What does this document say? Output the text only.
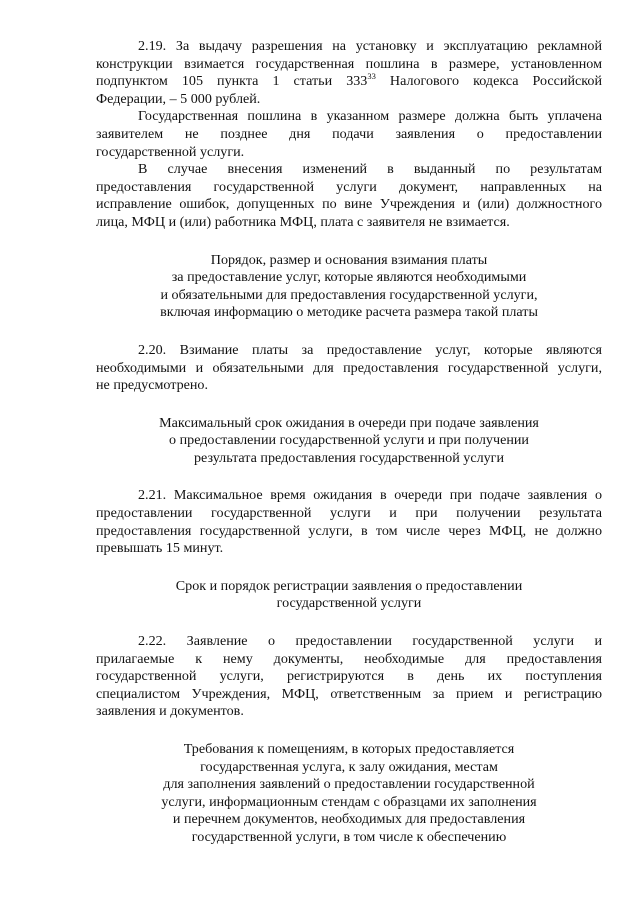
2.19. За выдачу разрешения на установку и эксплуатацию рекламной
конструкции взимается государственная пошлина в размере, установленном
подпунктом 105 пункта 1 статьи $333^{33}$ Налогового кодекса Российской
Федерации, – 5 000 рублей.

Государственная пошлина в указанном размере должна быть уплачена
заявителем не позднее дня подачи заявления о предоставлении
государственной услуги.

В случае внесения изменений в выданный по результатам
предоставления государственной услуги документ, направленных на
исправление ошибок, допущенных по вине Учреждения и (или) должностного
лица, МФЦ и (или) работника МФЦ, плата с заявителя не взимается.

Порядок, размер и основания взимания платы
за предоставление услуг, которые являются необходимыми
и обязательными для предоставления государственной услуги,
включая информацию о методике расчета размера такой платы

2.20. Взимание платы за предоставление услуг, которые являются
необходимыми и обязательными для предоставления государственной услуги,
не предусмотрено.

Максимальный срок ожидания в очереди при подаче заявления
о предоставлении государственной услуги и при получении
результата предоставления государственной услуги

2.21. Максимальное время ожидания в очереди при подаче заявления о
предоставлении государственной услуги и при получении результата
предоставления государственной услуги, в том числе через МФЦ, не должно
превышать 15 минут.

Срок и порядок регистрации заявления о предоставлении
государственной услуги

2.22. Заявление о предоставлении государственной услуги и
прилагаемые к нему документы, необходимые для предоставления
государственной услуги, регистрируются в день их поступления
специалистом Учреждения, МФЦ, ответственным за прием и регистрацию
заявления и документов.

Требования к помещениям, в которых предоставляется
государственная услуга, к залу ожидания, местам
для заполнения заявлений о предоставлении государственной
услуги, информационным стендам с образцами их заполнения
и перечнем документов, необходимых для предоставления
государственной услуги, в том числе к обеспечению
